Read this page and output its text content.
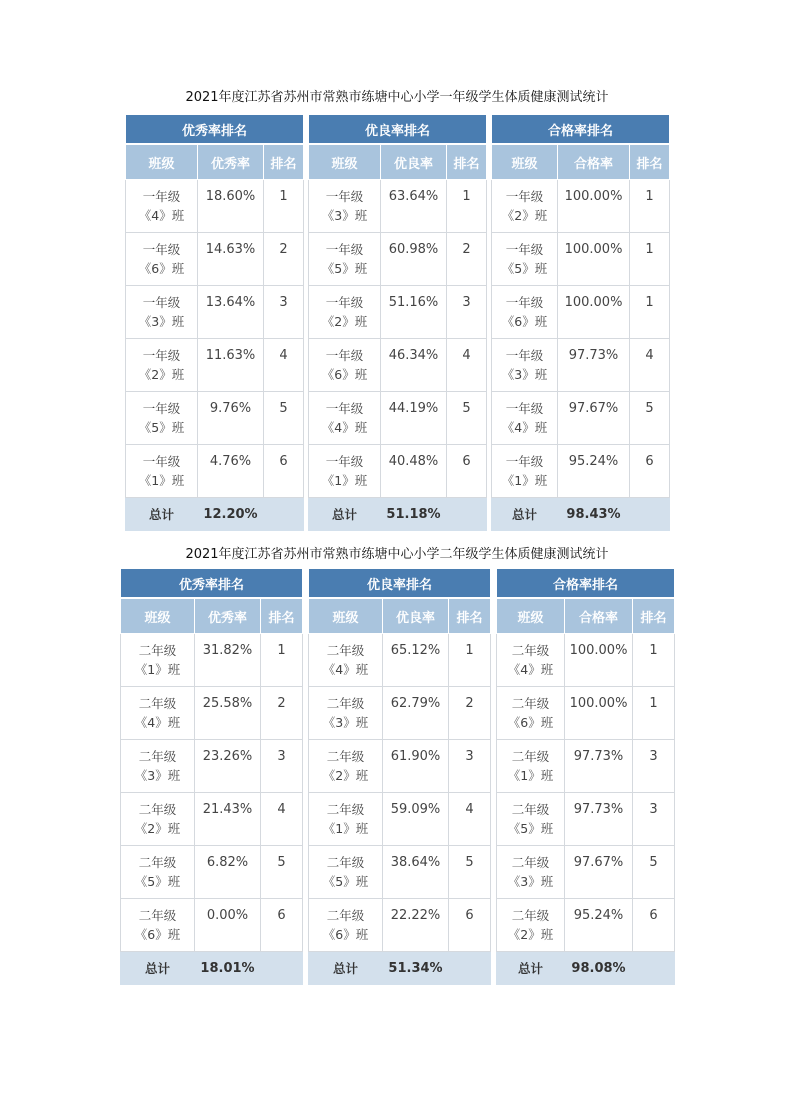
2021年度江苏省苏州市常熟市练塘中心小学一年级学生体质健康测试统计
优秀率排名		
班级	优秀率	排名

一年级
《4》班	18.60%	1

一年级
《6》班	14.63%	2

一年级
《3》班	13.64%	3

一年级
《2》班	11.63%	4

一年级
《5》班	9.76%	5

一年级
《1》班	4.76%	6
总计	12.20%	
优良率排名		
班级	优良率	排名

一年级
《3》班	63.64%	1

一年级
《5》班	60.98%	2

一年级
《2》班	51.16%	3

一年级
《6》班	46.34%	4

一年级
《4》班	44.19%	5

一年级
《1》班	40.48%	6
总计	51.18%	
合格率排名		
班级	合格率	排名

一年级
《2》班	100.00%	1

一年级
《5》班	100.00%	1

一年级
《6》班	100.00%	1

一年级
《3》班	97.73%	4

一年级
《4》班	97.67%	5

一年级
《1》班	95.24%	6
总计	98.43%	
2021年度江苏省苏州市常熟市练塘中心小学二年级学生体质健康测试统计
优秀率排名		
班级	优秀率	排名

二年级
《1》班	31.82%	1

二年级
《4》班	25.58%	2

二年级
《3》班	23.26%	3

二年级
《2》班	21.43%	4

二年级
《5》班	6.82%	5

二年级
《6》班	0.00%	6
总计	18.01%	
优良率排名		
班级	优良率	排名

二年级
《4》班	65.12%	1

二年级
《3》班	62.79%	2

二年级
《2》班	61.90%	3

二年级
《1》班	59.09%	4

二年级
《5》班	38.64%	5

二年级
《6》班	22.22%	6
总计	51.34%	
合格率排名		
班级	合格率	排名

二年级
《4》班	100.00%	1

二年级
《6》班	100.00%	1

二年级
《1》班	97.73%	3

二年级
《5》班	97.73%	3

二年级
《3》班	97.67%	5

二年级
《2》班	95.24%	6
总计	98.08%	
